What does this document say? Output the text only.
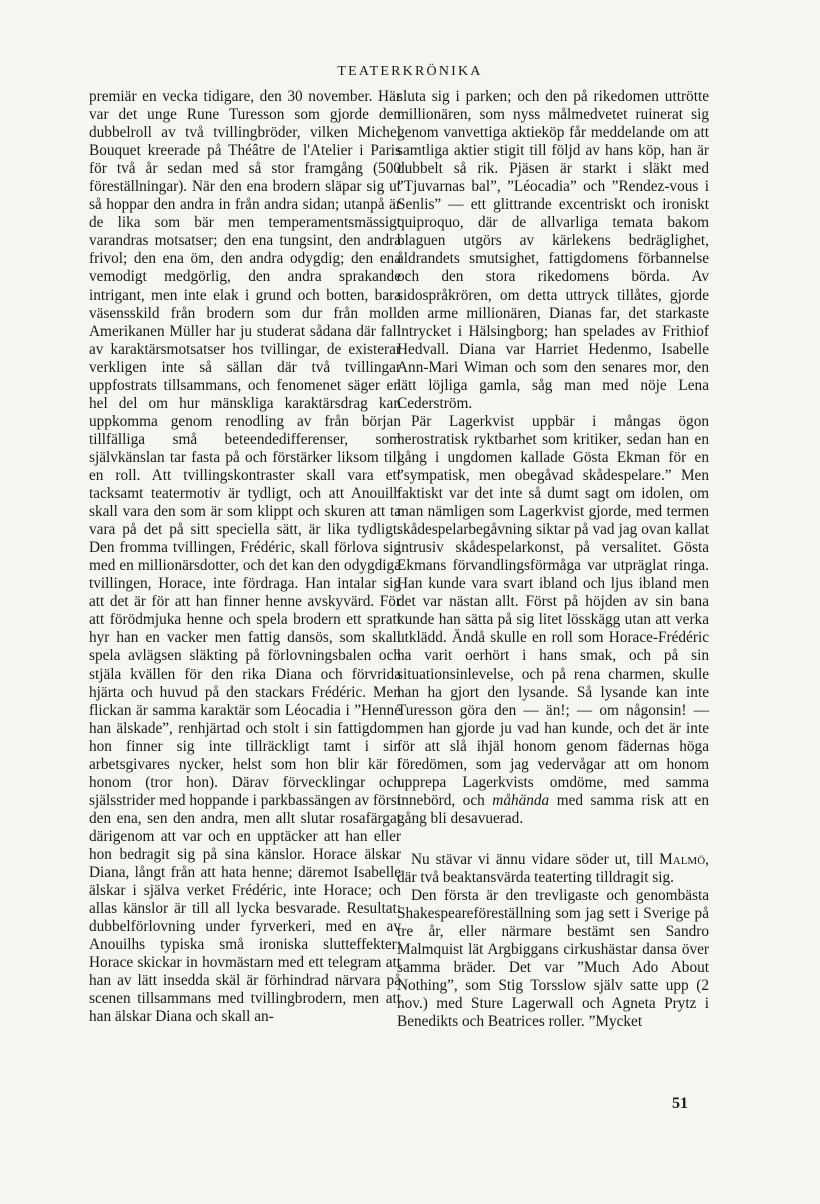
TEATERKRÖNIKA

premiär en vecka tidigare, den 30 november. Här var det unge Rune Turesson som gjorde den dubbelroll av två tvillingbröder, vilken Michel Bouquet kreerade på Théâtre de l'Atelier i Paris för två år sedan med så stor framgång (500 föreställningar). När den ena brodern släpar sig ut så hoppar den andra in från andra sidan; utanpå är de lika som bär men temperamentsmässigt varandras motsatser; den ena tungsint, den andra frivol; den ena öm, den andra odygdig; den ena vemodigt medgörlig, den andra sprakande intrigant, men inte elak i grund och botten, bara väsensskild från brodern som dur från moll. Amerikanen Müller har ju studerat sådana där fall av karaktärsmotsatser hos tvillingar, de existerar verkligen inte så sällan där två tvillingar uppfostrats tillsammans, och fenomenet säger en hel del om hur mänskliga karaktärsdrag kan uppkomma genom renodling av från början tillfälliga små beteendedifferenser, som självkänslan tar fasta på och förstärker liksom till en roll. Att tvillingskontraster skall vara ett tacksamt teatermotiv är tydligt, och att Anouilh skall vara den som är som klippt och skuren att ta vara på det på sitt speciella sätt, är lika tydligt. Den fromma tvillingen, Frédéric, skall förlova sig med en millionärsdotter, och det kan den odygdiga tvillingen, Horace, inte fördraga. Han intalar sig att det är för att han finner henne avskyvärd. För att förödmjuka henne och spela brodern ett spratt hyr han en vacker men fattig dansös, som skall spela avlägsen släkting på förlovningsbalen och stjäla kvällen för den rika Diana och förvrida hjärta och huvud på den stackars Frédéric. Men flickan är samma karaktär som Léocadia i ”Henne han älskade”, renhjärtad och stolt i sin fattigdom; hon finner sig inte tillräckligt tamt i sin arbetsgivares nycker, helst som hon blir kär i honom (tror hon). Därav förvecklingar och själsstrider med hoppande i parkbassängen av först den ena, sen den andra, men allt slutar rosafärgat därigenom att var och en upptäcker att han eller hon bedragit sig på sina känslor. Horace älskar Diana, långt från att hata henne; däremot Isabelle älskar i själva verket Frédéric, inte Horace; och allas känslor är till all lycka besvarade. Resultat: dubbelförlovning under fyrverkeri, med en av Anouilhs typiska små ironiska slutteffekter: Horace skickar in hovmästarn med ett telegram att han av lätt insedda skäl är förhindrad närvara på scenen tillsammans med tvillingbrodern, men att han älskar Diana och skall an-

sluta sig i parken; och den på rikedomen uttrötte millionären, som nyss målmedvetet ruinerat sig genom vanvettiga aktieköp får meddelande om att samtliga aktier stigit till följd av hans köp, han är dubbelt så rik. Pjäsen är starkt i släkt med ”Tjuvarnas bal”, ”Léocadia” och ”Rendez-vous i Senlis” — ett glittrande excentriskt och ironiskt quiproquo, där de allvarliga temata bakom blaguen utgörs av kärlekens bedräglighet, åldrandets smutsighet, fattigdomens förbannelse och den stora rikedomens börda. Av sidospråkrören, om detta uttryck tillåtes, gjorde den arme millionären, Dianas far, det starkaste intrycket i Hälsingborg; han spelades av Frithiof Hedvall. Diana var Harriet Hedenmo, Isabelle Ann-Mari Wiman och som den senares mor, den lätt löjliga gamla, såg man med nöje Lena Cederström.

Pär Lagerkvist uppbär i mångas ögon herostratisk ryktbarhet som kritiker, sedan han en gång i ungdomen kallade Gösta Ekman för en ”sympatisk, men obegåvad skådespelare.” Men faktiskt var det inte så dumt sagt om idolen, om man nämligen som Lagerkvist gjorde, med termen skådespelarbegåvning siktar på vad jag ovan kallat intrusiv skådespelarkonst, på versalitet. Gösta Ekmans förvandlingsförmåga var utpräglat ringa. Han kunde vara svart ibland och ljus ibland men det var nästan allt. Först på höjden av sin bana kunde han sätta på sig litet lösskägg utan att verka utklädd. Ändå skulle en roll som Horace-Frédéric ha varit oerhört i hans smak, och på sin situationsinlevelse, och på rena charmen, skulle han ha gjort den lysande. Så lysande kan inte Turesson göra den — än!; — om någonsin! — men han gjorde ju vad han kunde, och det är inte för att slå ihjäl honom genom fädernas höga föredömen, som jag vedervågar att om honom upprepa Lagerkvists omdöme, med samma innebörd, och måhända med samma risk att en gång bli desavuerad.

Nu stävar vi ännu vidare söder ut, till Malmö, där två beaktansvärda teaterting tilldragit sig.

Den första är den trevligaste och genombästa Shakespeareföreställning som jag sett i Sverige på tre år, eller närmare bestämt sen Sandro Malmquist lät Argbiggans cirkushästar dansa över samma bräder. Det var ”Much Ado About Nothing”, som Stig Torsslow själv satte upp (2 nov.) med Sture Lagerwall och Agneta Prytz i Benedikts och Beatrices roller. ”Mycket

51
